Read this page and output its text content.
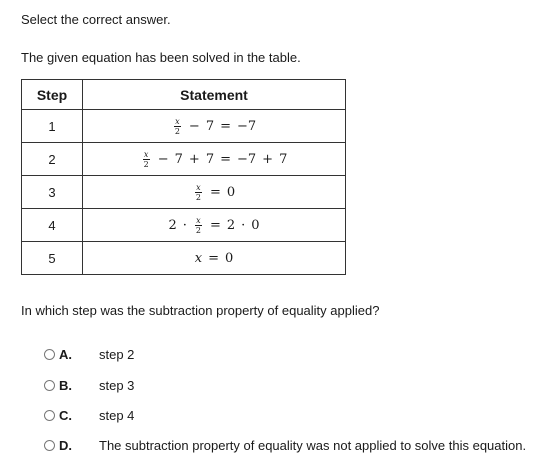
Select the correct answer.
The given equation has been solved in the table.
Step	Statement
1	$\frac{x}{2} - 7 = -7$
2	$\frac{x}{2} - 7 + 7 = -7 + 7$
3	$\frac{x}{2} = 0$
4	$2 \cdot \frac{x}{2} = 2 \cdot 0$
5	x = 0
In which step was the subtraction property of equality applied?
A.	step 2
B.	step 3
C.	step 4
D.	The subtraction property of equality was not applied to solve this equation.
